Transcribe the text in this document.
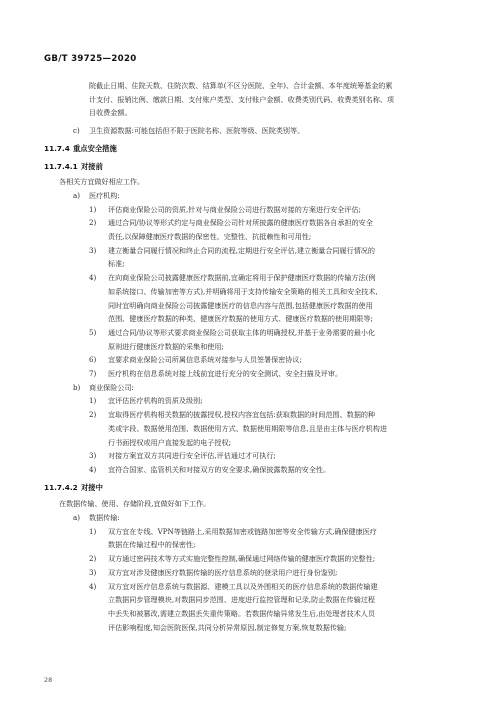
GB/T 39725—2020
院截止日期、住院天数、住院次数、结算单(不区分医院、全年)、合计金额、本年度统筹基金的累
计支付、报销比例、缴款日期、支付账户类型、支付账户金额、收费类别代码、收费类别名称、项
目收费金额。
c) 卫生资源数据:可能包括但不限于医院名称、医院等级、医院类别等。
11.7.4 重点安全措施
11.7.4.1 对接前
各相关方宜做好相应工作。
a) 医疗机构:
1) 评估商业保险公司的资质,针对与商业保险公司进行数据对接的方案进行安全评估;
2) 通过合同/协议等形式约定与商业保险公司针对所披露的健康医疗数据各自承担的安全
责任,以保障健康医疗数据的保密性、完整性、抗抵赖性和可用性;
3) 建立衡量合同履行情况和终止合同的流程,定期进行安全评估,建立衡量合同履行情况的
标准;
4) 在向商业保险公司披露健康医疗数据前,宜确定将用于保护健康医疗数据的传输方法(例
如系统接口、传输加密等方式),并明确将用于支持传输安全策略的相关工具和安全技术,
同时宜明确向商业保险公司披露健康医疗的信息内容与范围,包括健康医疗数据的使用
范围、健康医疗数据的种类、健康医疗数据的使用方式、健康医疗数据的使用期限等;
5) 通过合同/协议等形式要求商业保险公司获取主体的明确授权,并基于业务需要的最小化
原则进行健康医疗数据的采集和使用;
6) 宜要求商业保险公司所属信息系统对接参与人员签署保密协议;
7) 医疗机构在信息系统对接上线前宜进行充分的安全测试、安全扫描及评审。
b) 商业保险公司:
1) 宜评估医疗机构的资质及级别;
2) 宜取得医疗机构相关数据的披露授权,授权内容宜包括:获取数据的时间范围、数据的种
类或字段、数据使用范围、数据使用方式、数据使用期限等信息,且是由主体与医疗机构进
行书面授权或用户直接发起的电子授权;
3) 对接方案宜双方共同进行安全评估,评估通过才可执行;
4) 宜符合国家、监管机关和对接双方的安全要求,确保披露数据的安全性。
11.7.4.2 对接中
在数据传输、使用、存储阶段,宜做好如下工作。
a) 数据传输:
1) 双方宜在专线、VPN等链路上,采用数据加密或链路加密等安全传输方式,确保健康医疗
数据在传输过程中的保密性;
2) 双方通过密码技术等方式实施完整性控制,确保通过网络传输的健康医疗数据的完整性;
3) 双方宜对涉及健康医疗数据传输的医疗信息系统的登录用户进行身份鉴别;
4) 双方宜对医疗信息系统与数据源、建模工具以及外围相关的医疗信息系统的数据传输建
立数据同步管理模块,对数据同步范围、进度进行监控管理和记录,防止数据在传输过程
中丢失和被篡改,需建立数据丢失重传策略。若数据传输异常发生后,由处理者技术人员
评估影响程度,知会医院医保,共同分析异常原因,制定修复方案,恢复数据传输;
28
